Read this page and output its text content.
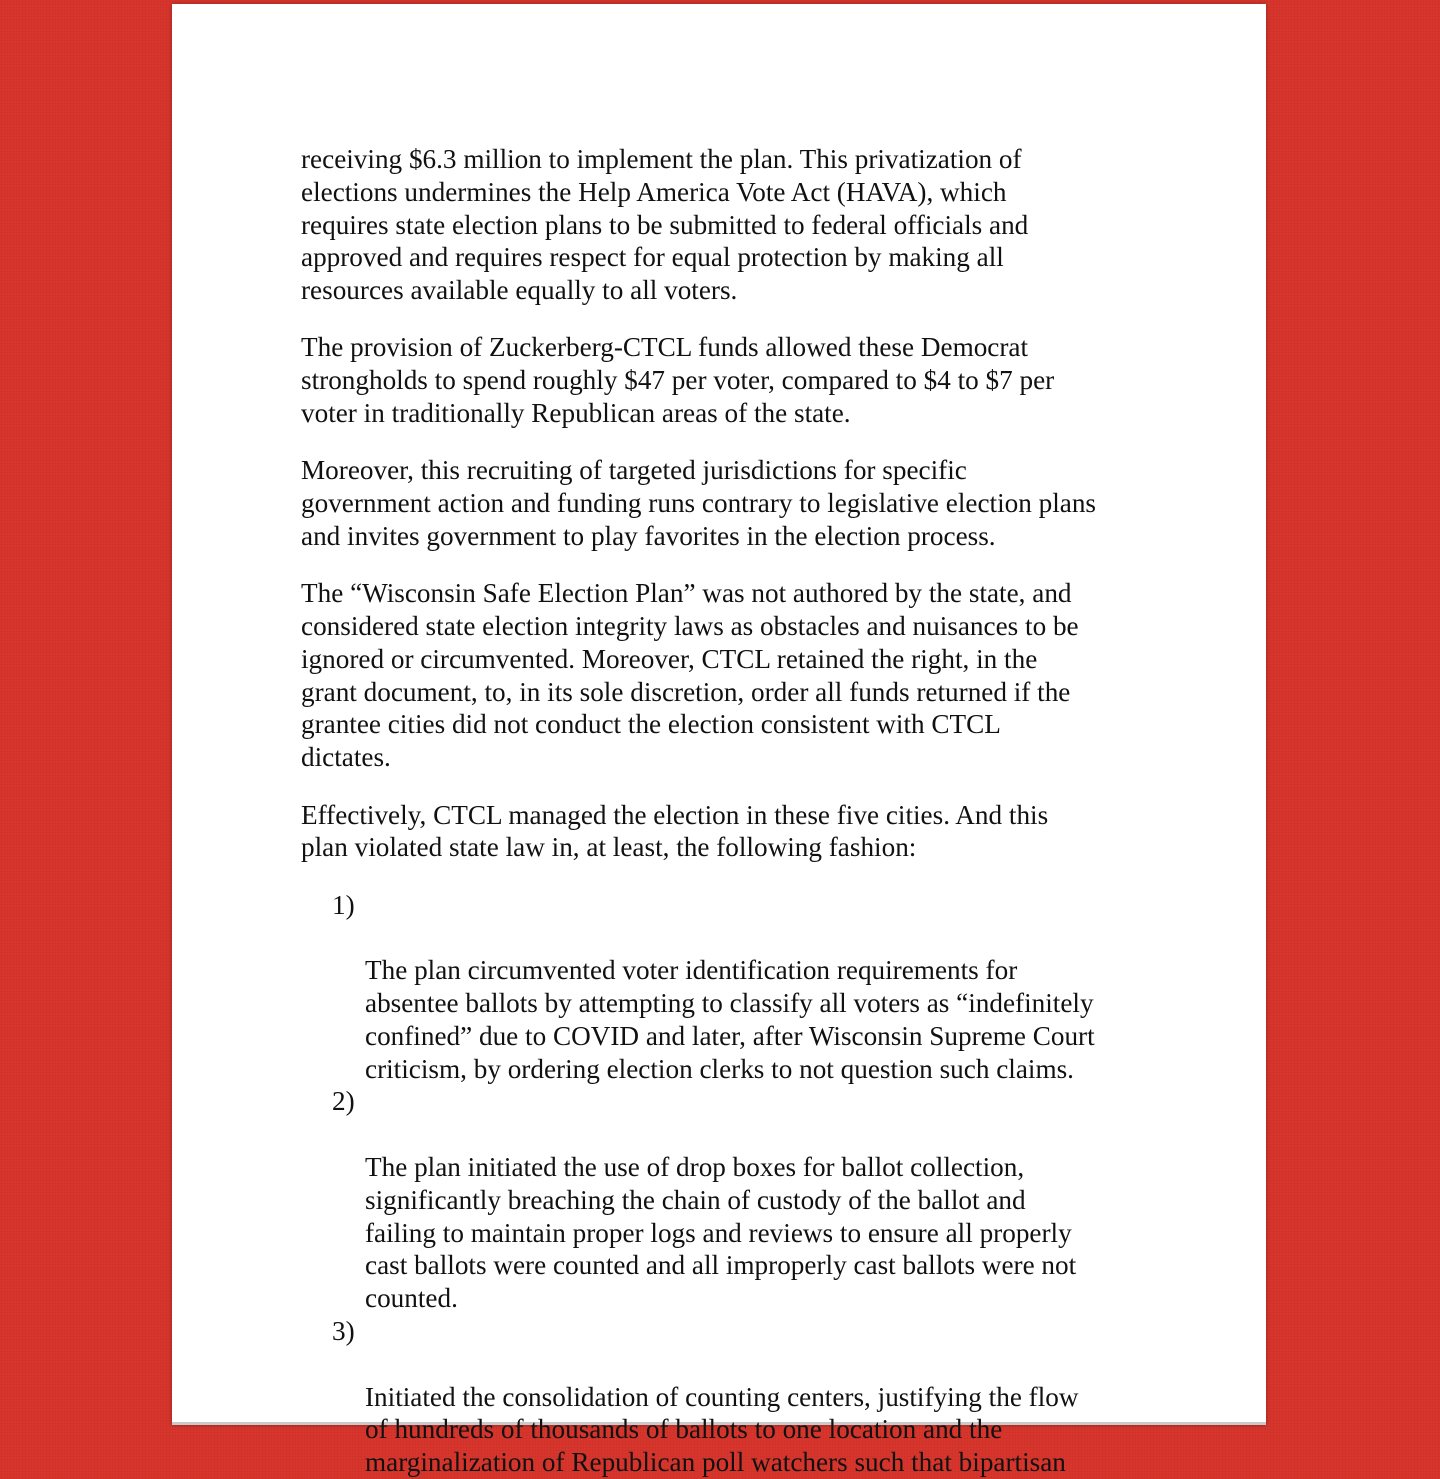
receiving $6.3 million to implement the plan. This privatization of
elections undermines the Help America Vote Act (HAVA), which
requires state election plans to be submitted to federal officials and
approved and requires respect for equal protection by making all
resources available equally to all voters.

The provision of Zuckerberg-CTCL funds allowed these Democrat
strongholds to spend roughly $47 per voter, compared to $4 to $7 per
voter in traditionally Republican areas of the state.

Moreover, this recruiting of targeted jurisdictions for specific
government action and funding runs contrary to legislative election plans
and invites government to play favorites in the election process.

The “Wisconsin Safe Election Plan” was not authored by the state, and
considered state election integrity laws as obstacles and nuisances to be
ignored or circumvented. Moreover, CTCL retained the right, in the
grant document, to, in its sole discretion, order all funds returned if the
grantee cities did not conduct the election consistent with CTCL
dictates.

Effectively, CTCL managed the election in these five cities. And this
plan violated state law in, at least, the following fashion:

1)

The plan circumvented voter identification requirements for
absentee ballots by attempting to classify all voters as “indefinitely
confined” due to COVID and later, after Wisconsin Supreme Court
criticism, by ordering election clerks to not question such claims.

2)

The plan initiated the use of drop boxes for ballot collection,
significantly breaching the chain of custody of the ballot and
failing to maintain proper logs and reviews to ensure all properly
cast ballots were counted and all improperly cast ballots were not
counted.

3)

Initiated the consolidation of counting centers, justifying the flow
of hundreds of thousands of ballots to one location and the
marginalization of Republican poll watchers such that bipartisan
